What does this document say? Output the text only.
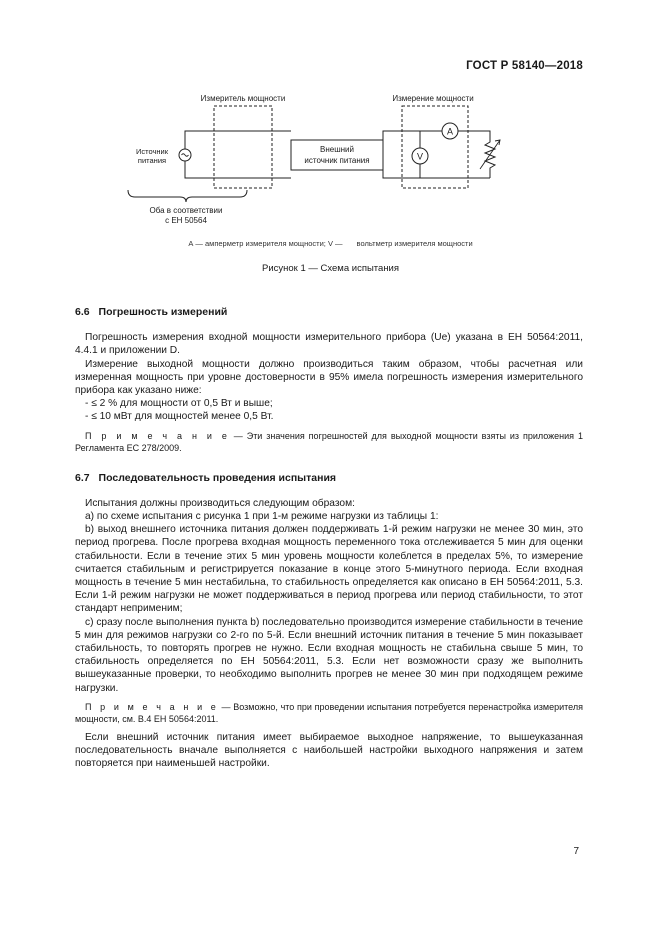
ГОСТ Р 58140—2018
Измеритель мощности	Измерение мощности
Источник
питания
Внешний
источник питания
A
V
Оба в соответствии
с ЕН 50564
А — амперметр измерителя мощности; V — вольтметр измерителя мощности
Рисунок 1 — Схема испытания
6.6 Погрешность измерений

Погрешность измерения входной мощности измерительного прибора (Ue) указана в ЕН 50564:2011, 4.4.1 и приложении D.

Измерение выходной мощности должно производиться таким образом, чтобы расчетная или измеренная мощность при уровне достоверности в 95% имела погрешность измерения измерительного прибора как указано ниже:

- ≤ 2 % для мощности от 0,5 Вт и выше;

- ≤ 10 мВт для мощностей менее 0,5 Вт.

П р и м е ч а н и е — Эти значения погрешностей для выходной мощности взяты из приложения 1 Регламента ЕС 278/2009.
6.7 Последовательность проведения испытания

Испытания должны производиться следующим образом:

а) по схеме испытания с рисунка 1 при 1-м режиме нагрузки из таблицы 1:

b) выход внешнего источника питания должен поддерживать 1-й режим нагрузки не менее 30 мин, это период прогрева. После прогрева входная мощность переменного тока отслеживается 5 мин для оценки стабильности. Если в течение этих 5 мин уровень мощности колеблется в пределах 5%, то измерение считается стабильным и регистрируется показание в конце этого 5-минутного периода. Если входная мощность в течение 5 мин нестабильна, то стабильность определяется как описано в ЕН 50564:2011, 5.3. Если 1-й режим нагрузки не может поддерживаться в период прогрева или период стабильности, то этот стандарт неприменим;

с) сразу после выполнения пункта b) последовательно производится измерение стабильности в течение 5 мин для режимов нагрузки со 2-го по 5-й. Если внешний источник питания в течение 5 мин показывает стабильность, то повторять прогрев не нужно. Если входная мощность не стабильна свыше 5 мин, то стабильность определяется по ЕН 50564:2011, 5.3. Если нет возможности сразу же выполнить вышеуказанные проверки, то необходимо выполнить прогрев не менее 30 мин при подходящем режиме нагрузки.

П р и м е ч а н и е — Возможно, что при проведении испытания потребуется перенастройка измерителя мощности, см. В.4 ЕН 50564:2011.

Если внешний источник питания имеет выбираемое выходное напряжение, то вышеуказанная последовательность вначале выполняется с наибольшей настройки выходного напряжения и затем повторяется при наименьшей настройки.

7
